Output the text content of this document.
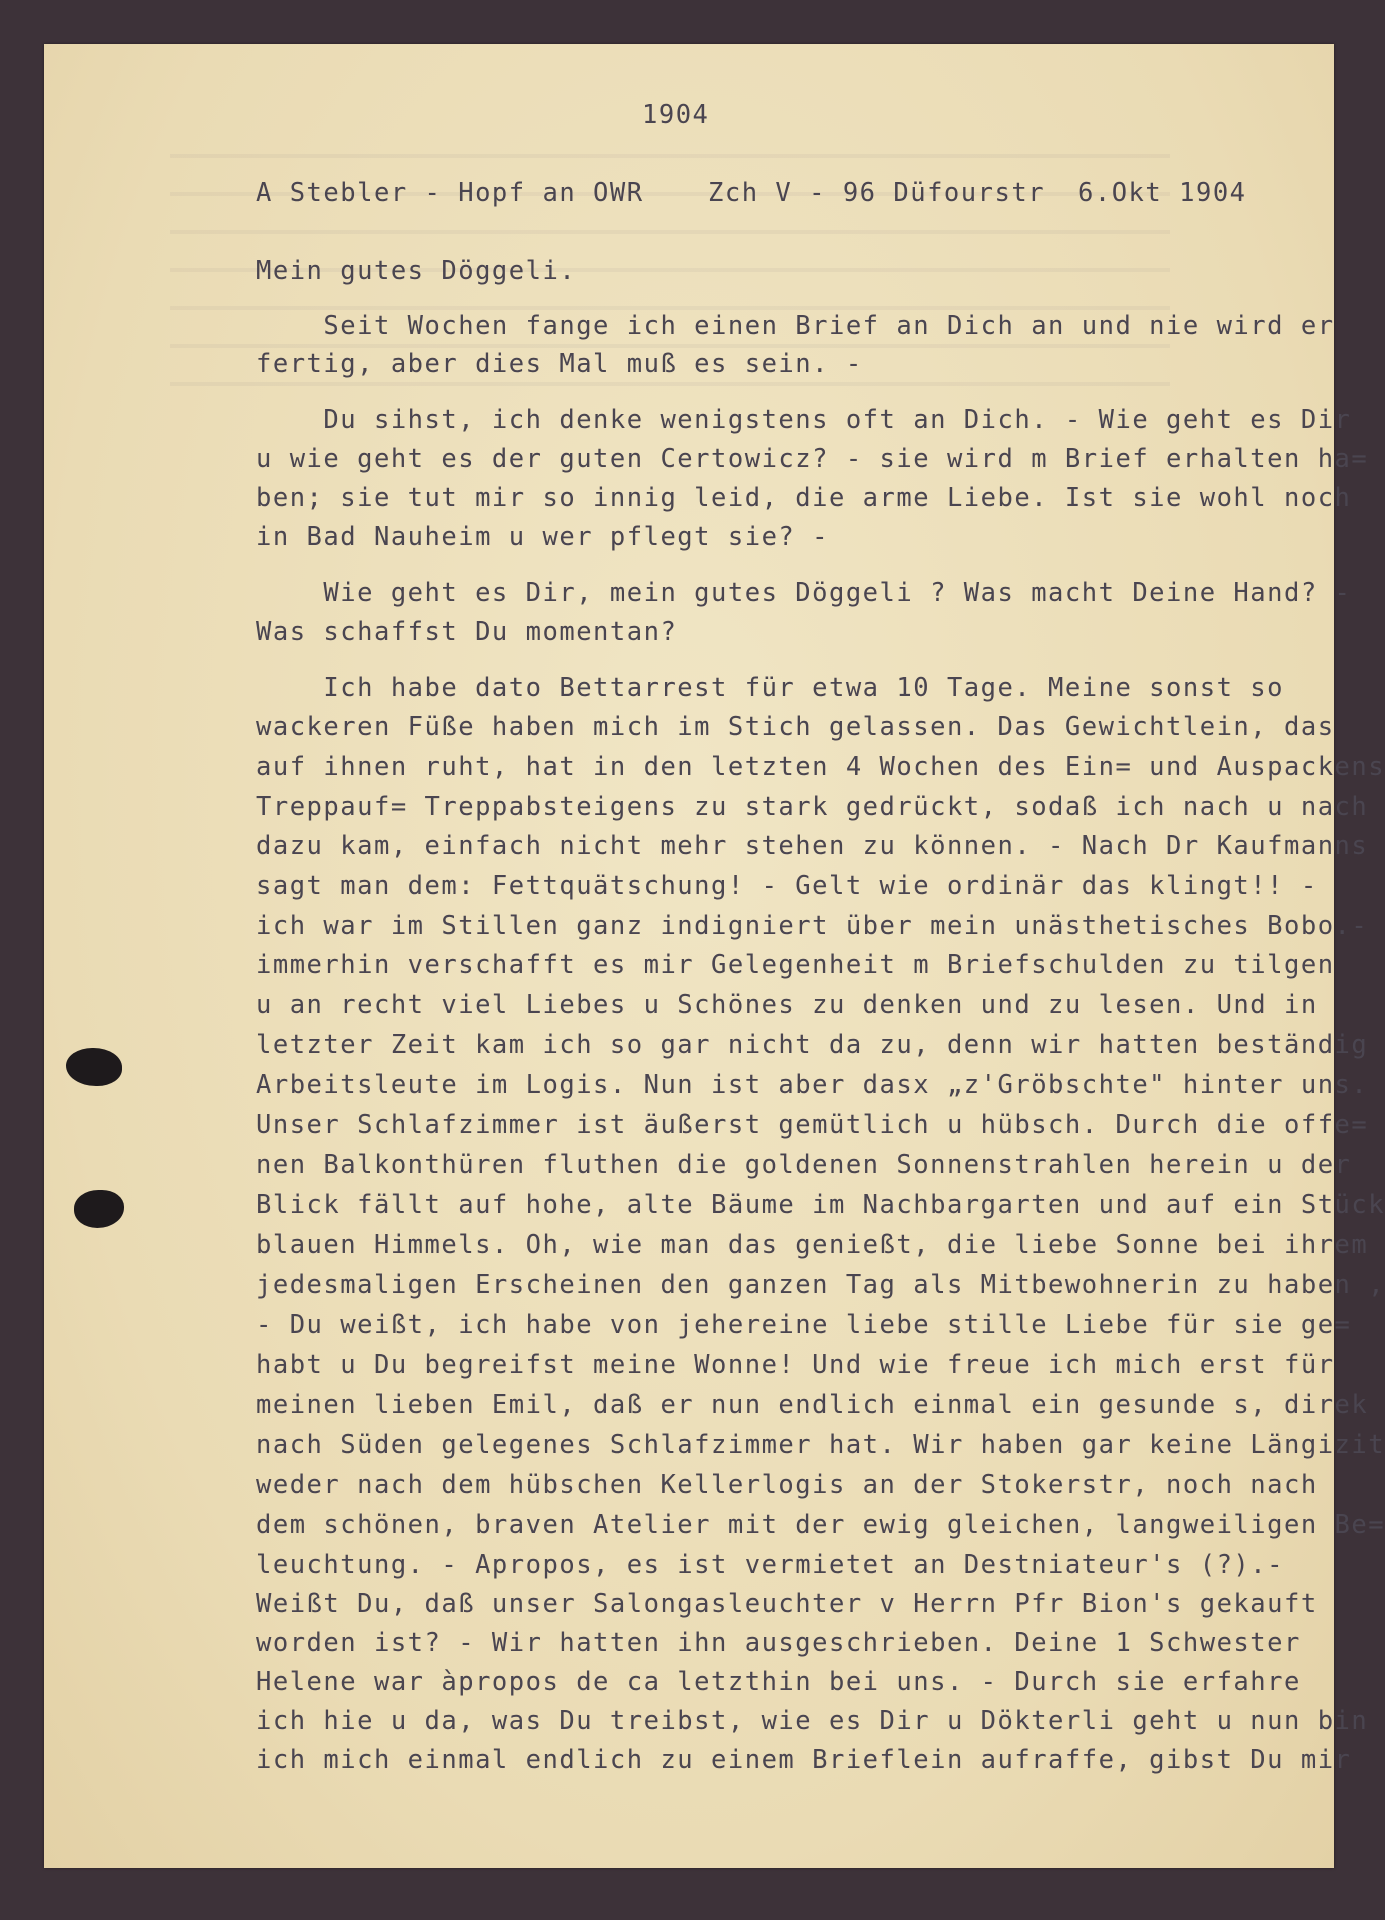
1904
A Stebler - Hopf an OWR	Zch V - 96 Düfourstr 6.Okt 1904

Mein gutes Döggeli.

Seit Wochen fange ich einen Brief an Dich an und nie wird er

fertig, aber dies Mal muß es sein. -

Du sihst, ich denke wenigstens oft an Dich. - Wie geht es Dir

u wie geht es der guten Certowicz? - sie wird m Brief erhalten ha=

ben; sie tut mir so innig leid, die arme Liebe. Ist sie wohl noch

in Bad Nauheim u wer pflegt sie? -

Wie geht es Dir, mein gutes Döggeli ? Was macht Deine Hand? -

Was schaffst Du momentan?

Ich habe dato Bettarrest für etwa 10 Tage. Meine sonst so

wackeren Füße haben mich im Stich gelassen. Das Gewichtlein, das

auf ihnen ruht, hat in den letzten 4 Wochen des Ein= und Auspackens

Treppauf= Treppabsteigens zu stark gedrückt, sodaß ich nach u nach

dazu kam, einfach nicht mehr stehen zu können. - Nach Dr Kaufmanns

sagt man dem: Fettquätschung! - Gelt wie ordinär das klingt!! -

ich war im Stillen ganz indigniert über mein unästhetisches Bobo.-

immerhin verschafft es mir Gelegenheit m Briefschulden zu tilgen

u an recht viel Liebes u Schönes zu denken und zu lesen. Und in

letzter Zeit kam ich so gar nicht da zu, denn wir hatten beständig

Arbeitsleute im Logis. Nun ist aber dasx „z'Gröbschte" hinter uns.

Unser Schlafzimmer ist äußerst gemütlich u hübsch. Durch die offe=

nen Balkonthüren fluthen die goldenen Sonnenstrahlen herein u der

Blick fällt auf hohe, alte Bäume im Nachbargarten und auf ein Stück

blauen Himmels. Oh, wie man das genießt, die liebe Sonne bei ihrem

jedesmaligen Erscheinen den ganzen Tag als Mitbewohnerin zu haben ,

- Du weißt, ich habe von jehereine liebe stille Liebe für sie ge=

habt u Du begreifst meine Wonne! Und wie freue ich mich erst für

meinen lieben Emil, daß er nun endlich einmal ein gesunde s, direk

nach Süden gelegenes Schlafzimmer hat. Wir haben gar keine Längizit

weder nach dem hübschen Kellerlogis an der Stokerstr, noch nach

dem schönen, braven Atelier mit der ewig gleichen, langweiligen Be=

leuchtung. - Apropos, es ist vermietet an Destniateur's (?).-

Weißt Du, daß unser Salongasleuchter v Herrn Pfr Bion's gekauft

worden ist? - Wir hatten ihn ausgeschrieben. Deine 1 Schwester

Helene war àpropos de ca letzthin bei uns. - Durch sie erfahre

ich hie u da, was Du treibst, wie es Dir u Dökterli geht u nun bin

ich mich einmal endlich zu einem Brieflein aufraffe, gibst Du mir
